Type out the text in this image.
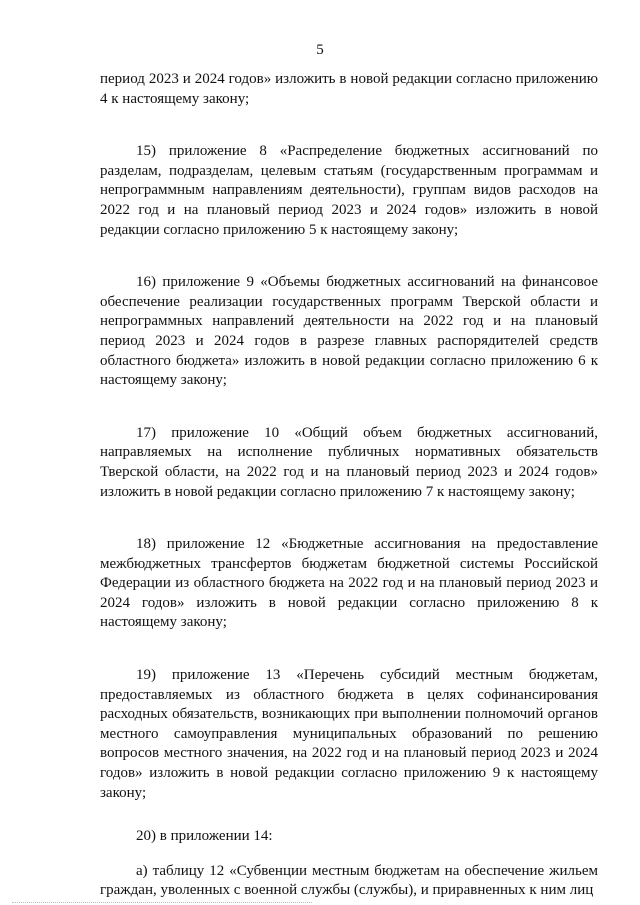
5

период 2023 и 2024 годов» изложить в новой редакции согласно приложению 4 к настоящему закону;

15) приложение 8 «Распределение бюджетных ассигнований по разделам, подразделам, целевым статьям (государственным программам и непрограммным направлениям деятельности), группам видов расходов на 2022 год и на плановый период 2023 и 2024 годов» изложить в новой редакции согласно приложению 5 к настоящему закону;

16) приложение 9 «Объемы бюджетных ассигнований на финансовое обеспечение реализации государственных программ Тверской области и непрограммных направлений деятельности на 2022 год и на плановый период 2023 и 2024 годов в разрезе главных распорядителей средств областного бюджета» изложить в новой редакции согласно приложению 6 к настоящему закону;

17) приложение 10 «Общий объем бюджетных ассигнований, направляемых на исполнение публичных нормативных обязательств Тверской области, на 2022 год и на плановый период 2023 и 2024 годов» изложить в новой редакции согласно приложению 7 к настоящему закону;

18) приложение 12 «Бюджетные ассигнования на предоставление межбюджетных трансфертов бюджетам бюджетной системы Российской Федерации из областного бюджета на 2022 год и на плановый период 2023 и 2024 годов» изложить в новой редакции согласно приложению 8 к настоящему закону;

19) приложение 13 «Перечень субсидий местным бюджетам, предоставляемых из областного бюджета в целях софинансирования расходных обязательств, возникающих при выполнении полномочий органов местного самоуправления муниципальных образований по решению вопросов местного значения, на 2022 год и на плановый период 2023 и 2024 годов» изложить в новой редакции согласно приложению 9 к настоящему закону;

20) в приложении 14:

а) таблицу 12 «Субвенции местным бюджетам на обеспечение жильем граждан, уволенных с военной службы (службы), и приравненных к ним лиц
